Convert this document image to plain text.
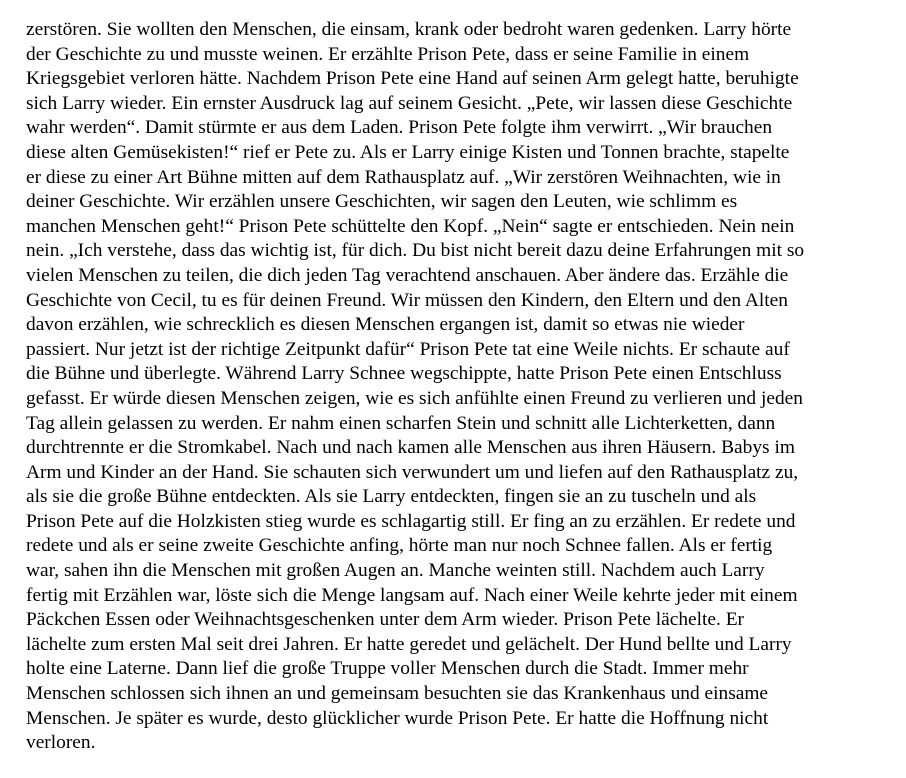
zerstören. Sie wollten den Menschen, die einsam, krank oder bedroht waren gedenken. Larry hörte
der Geschichte zu und musste weinen. Er erzählte Prison Pete, dass er seine Familie in einem
Kriegsgebiet verloren hätte. Nachdem Prison Pete eine Hand auf seinen Arm gelegt hatte, beruhigte
sich Larry wieder. Ein ernster Ausdruck lag auf seinem Gesicht. „Pete, wir lassen diese Geschichte
wahr werden“. Damit stürmte er aus dem Laden. Prison Pete folgte ihm verwirrt. „Wir brauchen
diese alten Gemüsekisten!“ rief er Pete zu. Als er Larry einige Kisten und Tonnen brachte, stapelte
er diese zu einer Art Bühne mitten auf dem Rathausplatz auf. „Wir zerstören Weihnachten, wie in
deiner Geschichte. Wir erzählen unsere Geschichten, wir sagen den Leuten, wie schlimm es
manchen Menschen geht!“ Prison Pete schüttelte den Kopf. „Nein“ sagte er entschieden. Nein nein
nein. „Ich verstehe, dass das wichtig ist, für dich. Du bist nicht bereit dazu deine Erfahrungen mit so
vielen Menschen zu teilen, die dich jeden Tag verachtend anschauen. Aber ändere das. Erzähle die
Geschichte von Cecil, tu es für deinen Freund. Wir müssen den Kindern, den Eltern und den Alten
davon erzählen, wie schrecklich es diesen Menschen ergangen ist, damit so etwas nie wieder
passiert. Nur jetzt ist der richtige Zeitpunkt dafür“ Prison Pete tat eine Weile nichts. Er schaute auf
die Bühne und überlegte. Während Larry Schnee wegschippte, hatte Prison Pete einen Entschluss
gefasst. Er würde diesen Menschen zeigen, wie es sich anfühlte einen Freund zu verlieren und jeden
Tag allein gelassen zu werden. Er nahm einen scharfen Stein und schnitt alle Lichterketten, dann
durchtrennte er die Stromkabel. Nach und nach kamen alle Menschen aus ihren Häusern. Babys im
Arm und Kinder an der Hand. Sie schauten sich verwundert um und liefen auf den Rathausplatz zu,
als sie die große Bühne entdeckten. Als sie Larry entdeckten, fingen sie an zu tuscheln und als
Prison Pete auf die Holzkisten stieg wurde es schlagartig still. Er fing an zu erzählen. Er redete und
redete und als er seine zweite Geschichte anfing, hörte man nur noch Schnee fallen. Als er fertig
war, sahen ihn die Menschen mit großen Augen an. Manche weinten still. Nachdem auch Larry
fertig mit Erzählen war, löste sich die Menge langsam auf. Nach einer Weile kehrte jeder mit einem
Päckchen Essen oder Weihnachtsgeschenken unter dem Arm wieder. Prison Pete lächelte. Er
lächelte zum ersten Mal seit drei Jahren. Er hatte geredet und gelächelt. Der Hund bellte und Larry
holte eine Laterne. Dann lief die große Truppe voller Menschen durch die Stadt. Immer mehr
Menschen schlossen sich ihnen an und gemeinsam besuchten sie das Krankenhaus und einsame
Menschen. Je später es wurde, desto glücklicher wurde Prison Pete. Er hatte die Hoffnung nicht
verloren.
